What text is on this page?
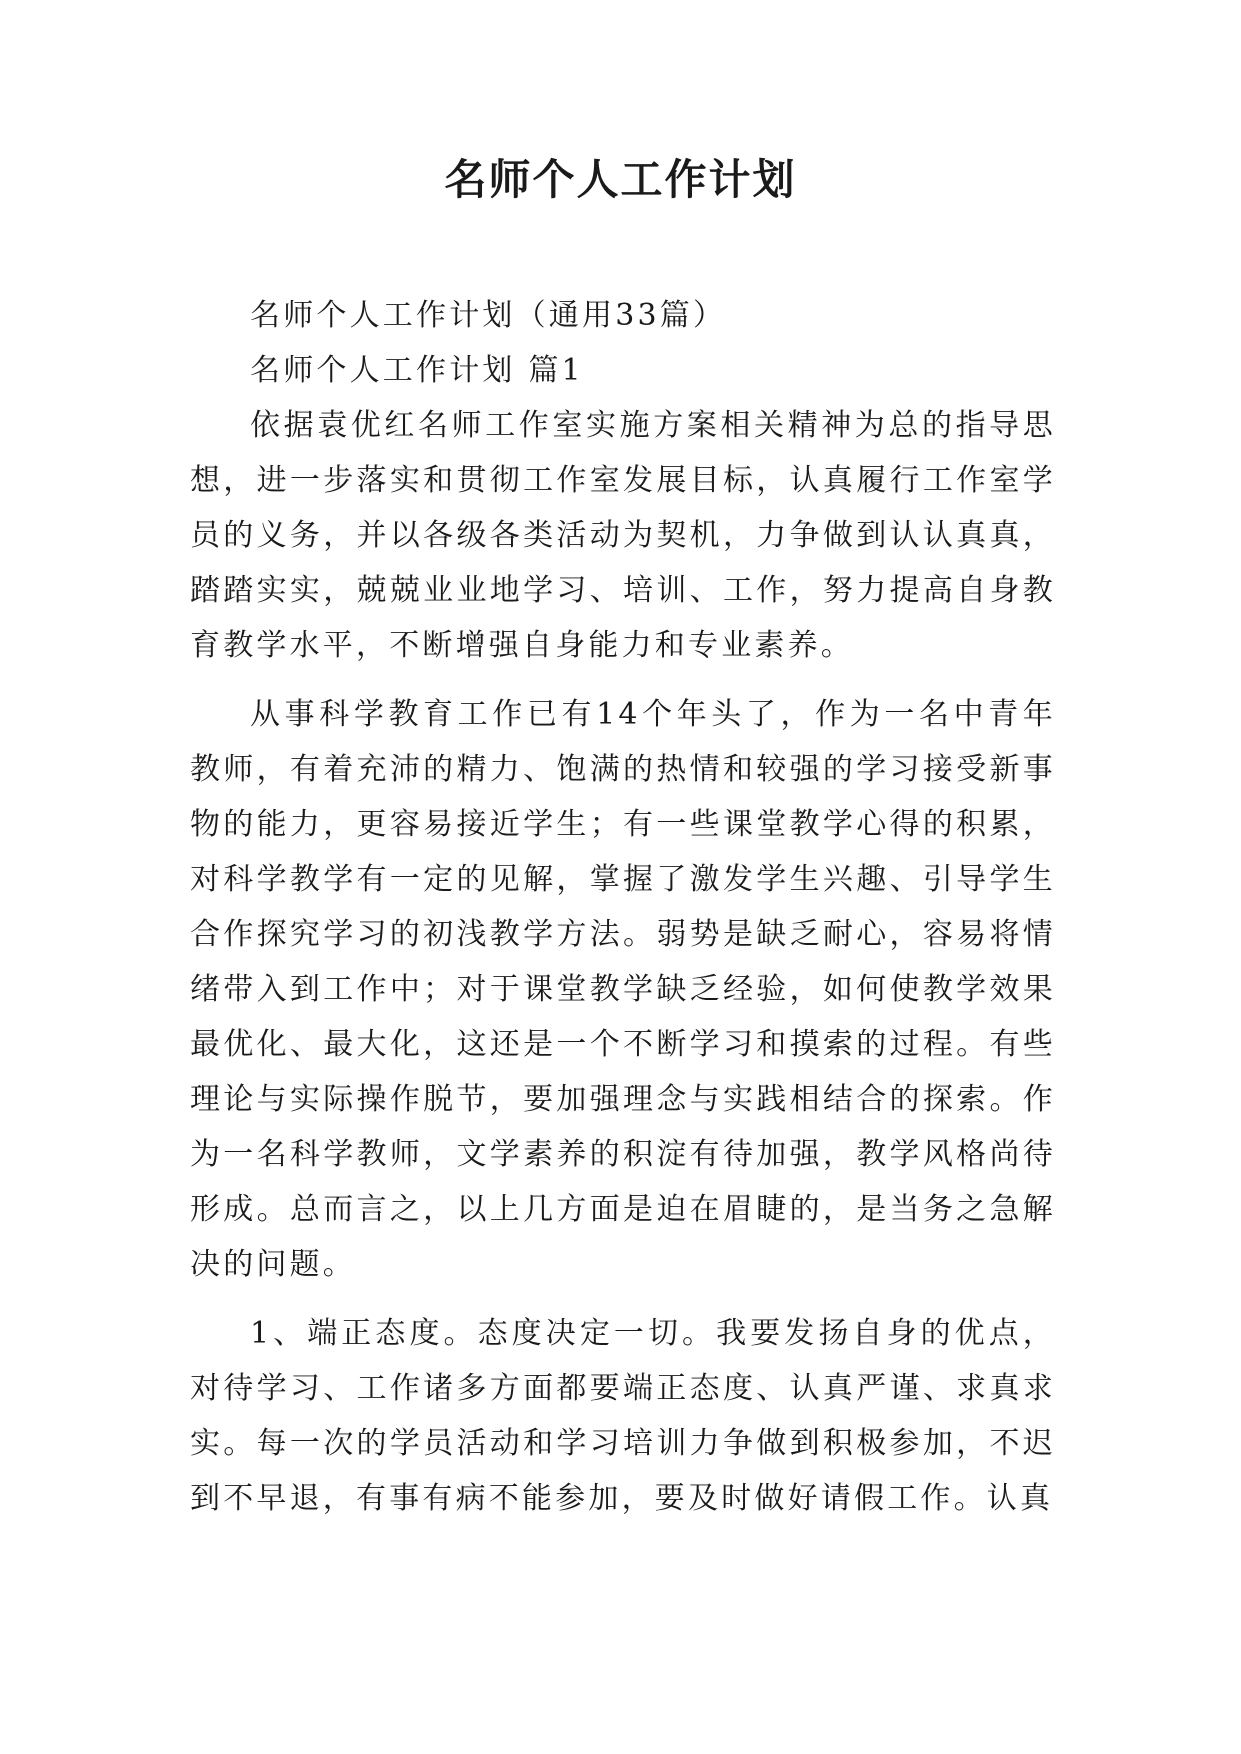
名师个人工作计划

名师个人工作计划（通用33篇）

名师个人工作计划 篇1

依据袁优红名师工作室实施方案相关精神为总的指导思想，进一步落实和贯彻工作室发展目标，认真履行工作室学员的义务，并以各级各类活动为契机，力争做到认认真真，踏踏实实，兢兢业业地学习、培训、工作，努力提高自身教育教学水平，不断增强自身能力和专业素养。

从事科学教育工作已有14个年头了，作为一名中青年教师，有着充沛的精力、饱满的热情和较强的学习接受新事物的能力，更容易接近学生；有一些课堂教学心得的积累，对科学教学有一定的见解，掌握了激发学生兴趣、引导学生合作探究学习的初浅教学方法。弱势是缺乏耐心，容易将情绪带入到工作中；对于课堂教学缺乏经验，如何使教学效果最优化、最大化，这还是一个不断学习和摸索的过程。有些理论与实际操作脱节，要加强理念与实践相结合的探索。作为一名科学教师，文学素养的积淀有待加强，教学风格尚待形成。总而言之，以上几方面是迫在眉睫的，是当务之急解决的问题。

1、端正态度。态度决定一切。我要发扬自身的优点，对待学习、工作诸多方面都要端正态度、认真严谨、求真求实。每一次的学员活动和学习培训力争做到积极参加，不迟到不早退，有事有病不能参加，要及时做好请假工作。认真
